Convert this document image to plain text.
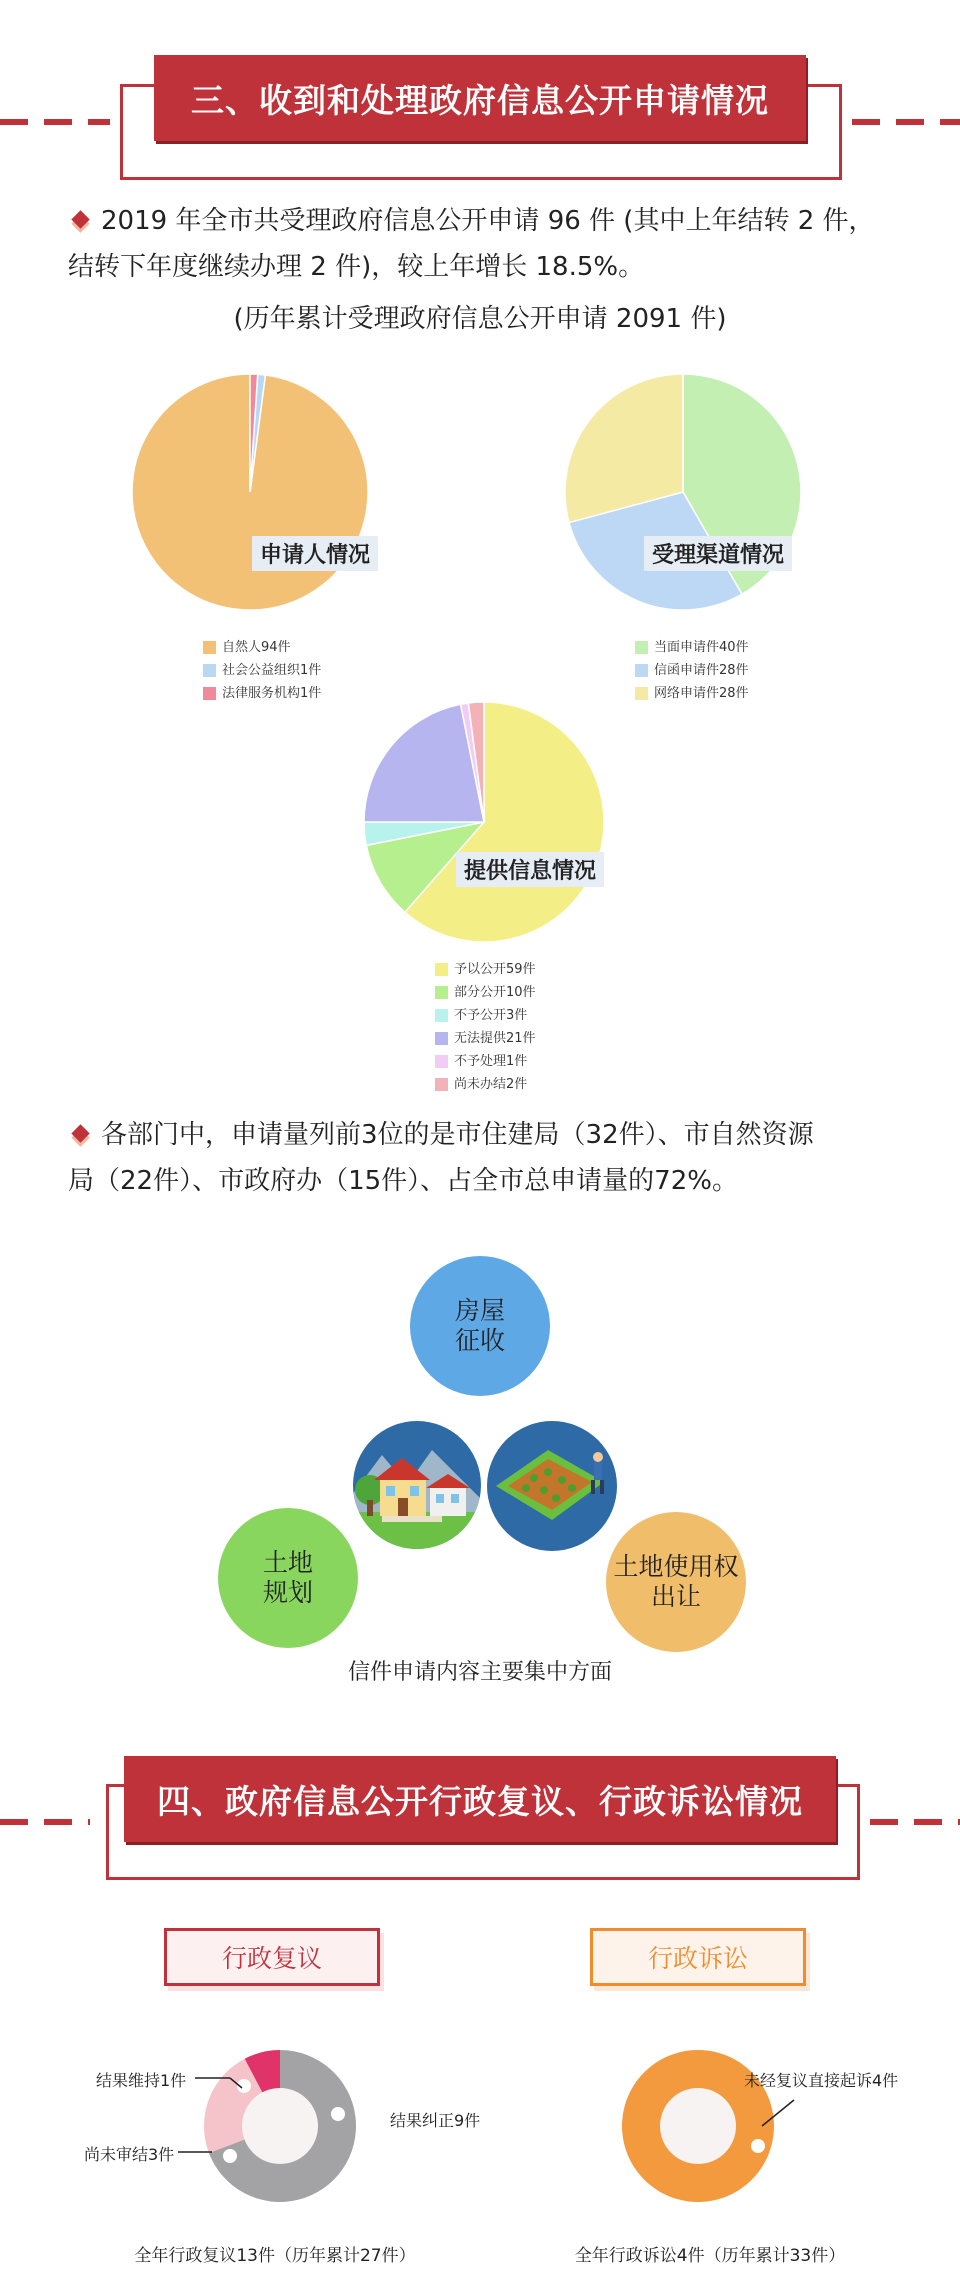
三、收到和处理政府信息公开申请情况
2019 年全市共受理政府信息公开申请 96 件 (其中上年结转 2 件，
结转下年度继续办理 2 件)，较上年增长 18.5%。
(历年累计受理政府信息公开申请 2091 件)
申请人情况
自然人94件
社会公益组织1件
法律服务机构1件
受理渠道情况
当面申请件40件
信函申请件28件
网络申请件28件
提供信息情况
予以公开59件
部分公开10件
不予公开3件
无法提供21件
不予处理1件
尚未办结2件
各部门中，申请量列前3位的是市住建局（32件）、市自然资源
局（22件）、市政府办（15件）、占全市总申请量的72%。
房屋
征收
土地
规划
土地使用权
出让
信件申请内容主要集中方面
四、政府信息公开行政复议、行政诉讼情况
行政复议	行政诉讼
结果维持1件
结果纠正9件
尚未审结3件
全年行政复议13件（历年累计27件）
未经复议直接起诉4件
全年行政诉讼4件（历年累计33件）
